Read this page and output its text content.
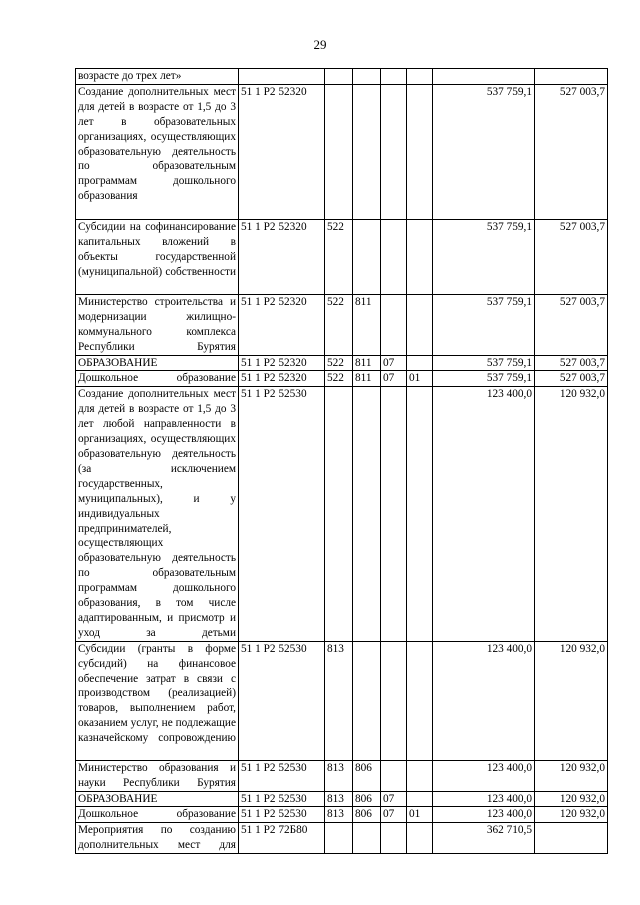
29
возрасте до трех лет»							
Создание дополнительных мест для детей в возрасте от 1,5 до 3 лет в образовательных организациях, осуществляющих образовательную деятельность по образовательным программам дошкольного образования	51 1 P2 52320					537 759,1	527 003,7
Субсидии на софинансирование капитальных вложений в объекты государственной (муниципальной) собственности	51 1 P2 52320	522				537 759,1	527 003,7
Министерство строительства и модернизации жилищно-коммунального комплекса Республики Бурятия	51 1 P2 52320	522	811			537 759,1	527 003,7
ОБРАЗОВАНИЕ	51 1 P2 52320	522	811	07		537 759,1	527 003,7
Дошкольное образование	51 1 P2 52320	522	811	07	01	537 759,1	527 003,7
Создание дополнительных мест для детей в возрасте от 1,5 до 3 лет любой направленности в организациях, осуществляющих образовательную деятельность (за исключением государственных, муниципальных), и у индивидуальных предпринимателей, осуществляющих образовательную деятельность по образовательным программам дошкольного образования, в том числе адаптированным, и присмотр и уход за детьми	51 1 P2 52530					123 400,0	120 932,0
Субсидии (гранты в форме субсидий) на финансовое обеспечение затрат в связи с производством (реализацией) товаров, выполнением работ, оказанием услуг, не подлежащие казначейскому сопровождению	51 1 P2 52530	813				123 400,0	120 932,0
Министерство образования и науки Республики Бурятия	51 1 P2 52530	813	806			123 400,0	120 932,0
ОБРАЗОВАНИЕ	51 1 P2 52530	813	806	07		123 400,0	120 932,0
Дошкольное образование	51 1 P2 52530	813	806	07	01	123 400,0	120 932,0
Мероприятия по созданию дополнительных мест для	51 1 P2 72Б80					362 710,5	
